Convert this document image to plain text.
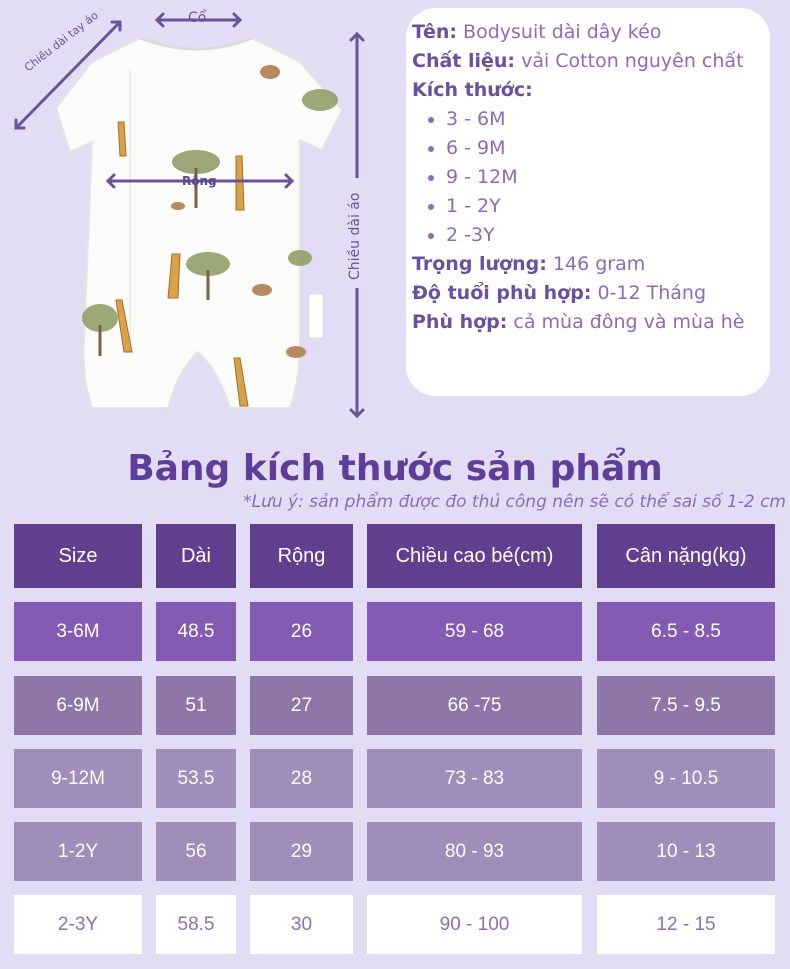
Cổ
Chiều dài tay áo
Chiều dài áo
Rộng

Tên: Bodysuit dài dây kéo

Chất liệu: vải Cotton nguyên chất

Kích thước:

• 3 - 6M
• 6 - 9M
• 9 - 12M
• 1 - 2Y
• 2 -3Y

Trọng lượng: 146 gram

Độ tuổi phù hợp: 0-12 Tháng

Phù hợp: cả mùa đông và mùa hè

Bảng kích thước sản phẩm
*Lưu ý: sản phẩm được đo thủ công nên sẽ có thể sai số 1-2 cm
Size	Dài	Rộng	Chiều cao bé(cm)	Cân nặng(kg)
3-6M	48.5	26	59 - 68	6.5 - 8.5
6-9M	51	27	66 -75	7.5 - 9.5
9-12M	53.5	28	73 - 83	9 - 10.5
1-2Y	56	29	80 - 93	10 - 13
2-3Y	58.5	30	90 - 100	12 - 15
